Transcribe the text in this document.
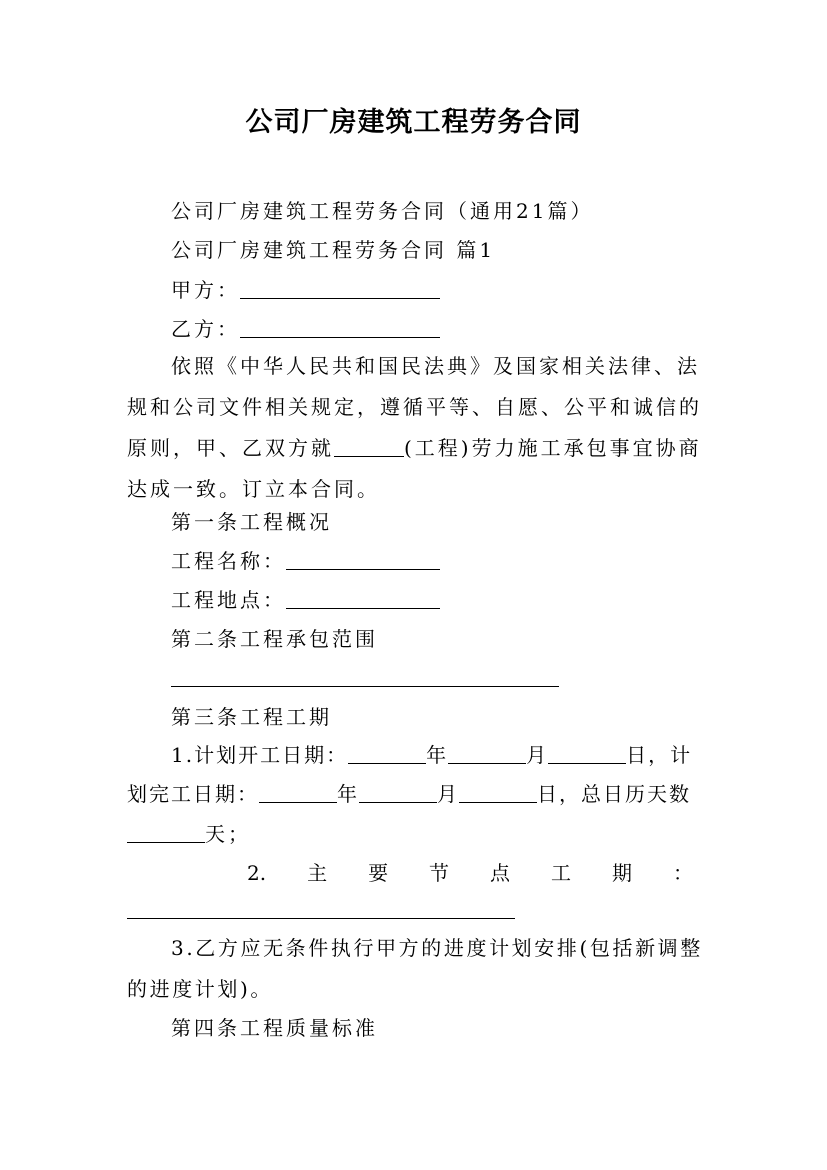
公司厂房建筑工程劳务合同
公司厂房建筑工程劳务合同（通用21篇）
公司厂房建筑工程劳务合同 篇1
甲方：
乙方：
依照《中华人民共和国民法典》及国家相关法律、法规和公司文件相关规定，遵循平等、自愿、公平和诚信的原则，甲、乙双方就	(工程)劳力施工承包事宜协商达成一致。订立本合同。
第一条工程概况
工程名称：
工程地点：
第二条工程承包范围
第三条工程工期
1.计划开工日期：	年	月	日，计
划完工日期：	年	月	日，总日历天数
天；
2. 主 要 节 点 工 期 ：
3.乙方应无条件执行甲方的进度计划安排(包括新调整的进度计划)。
第四条工程质量标准
